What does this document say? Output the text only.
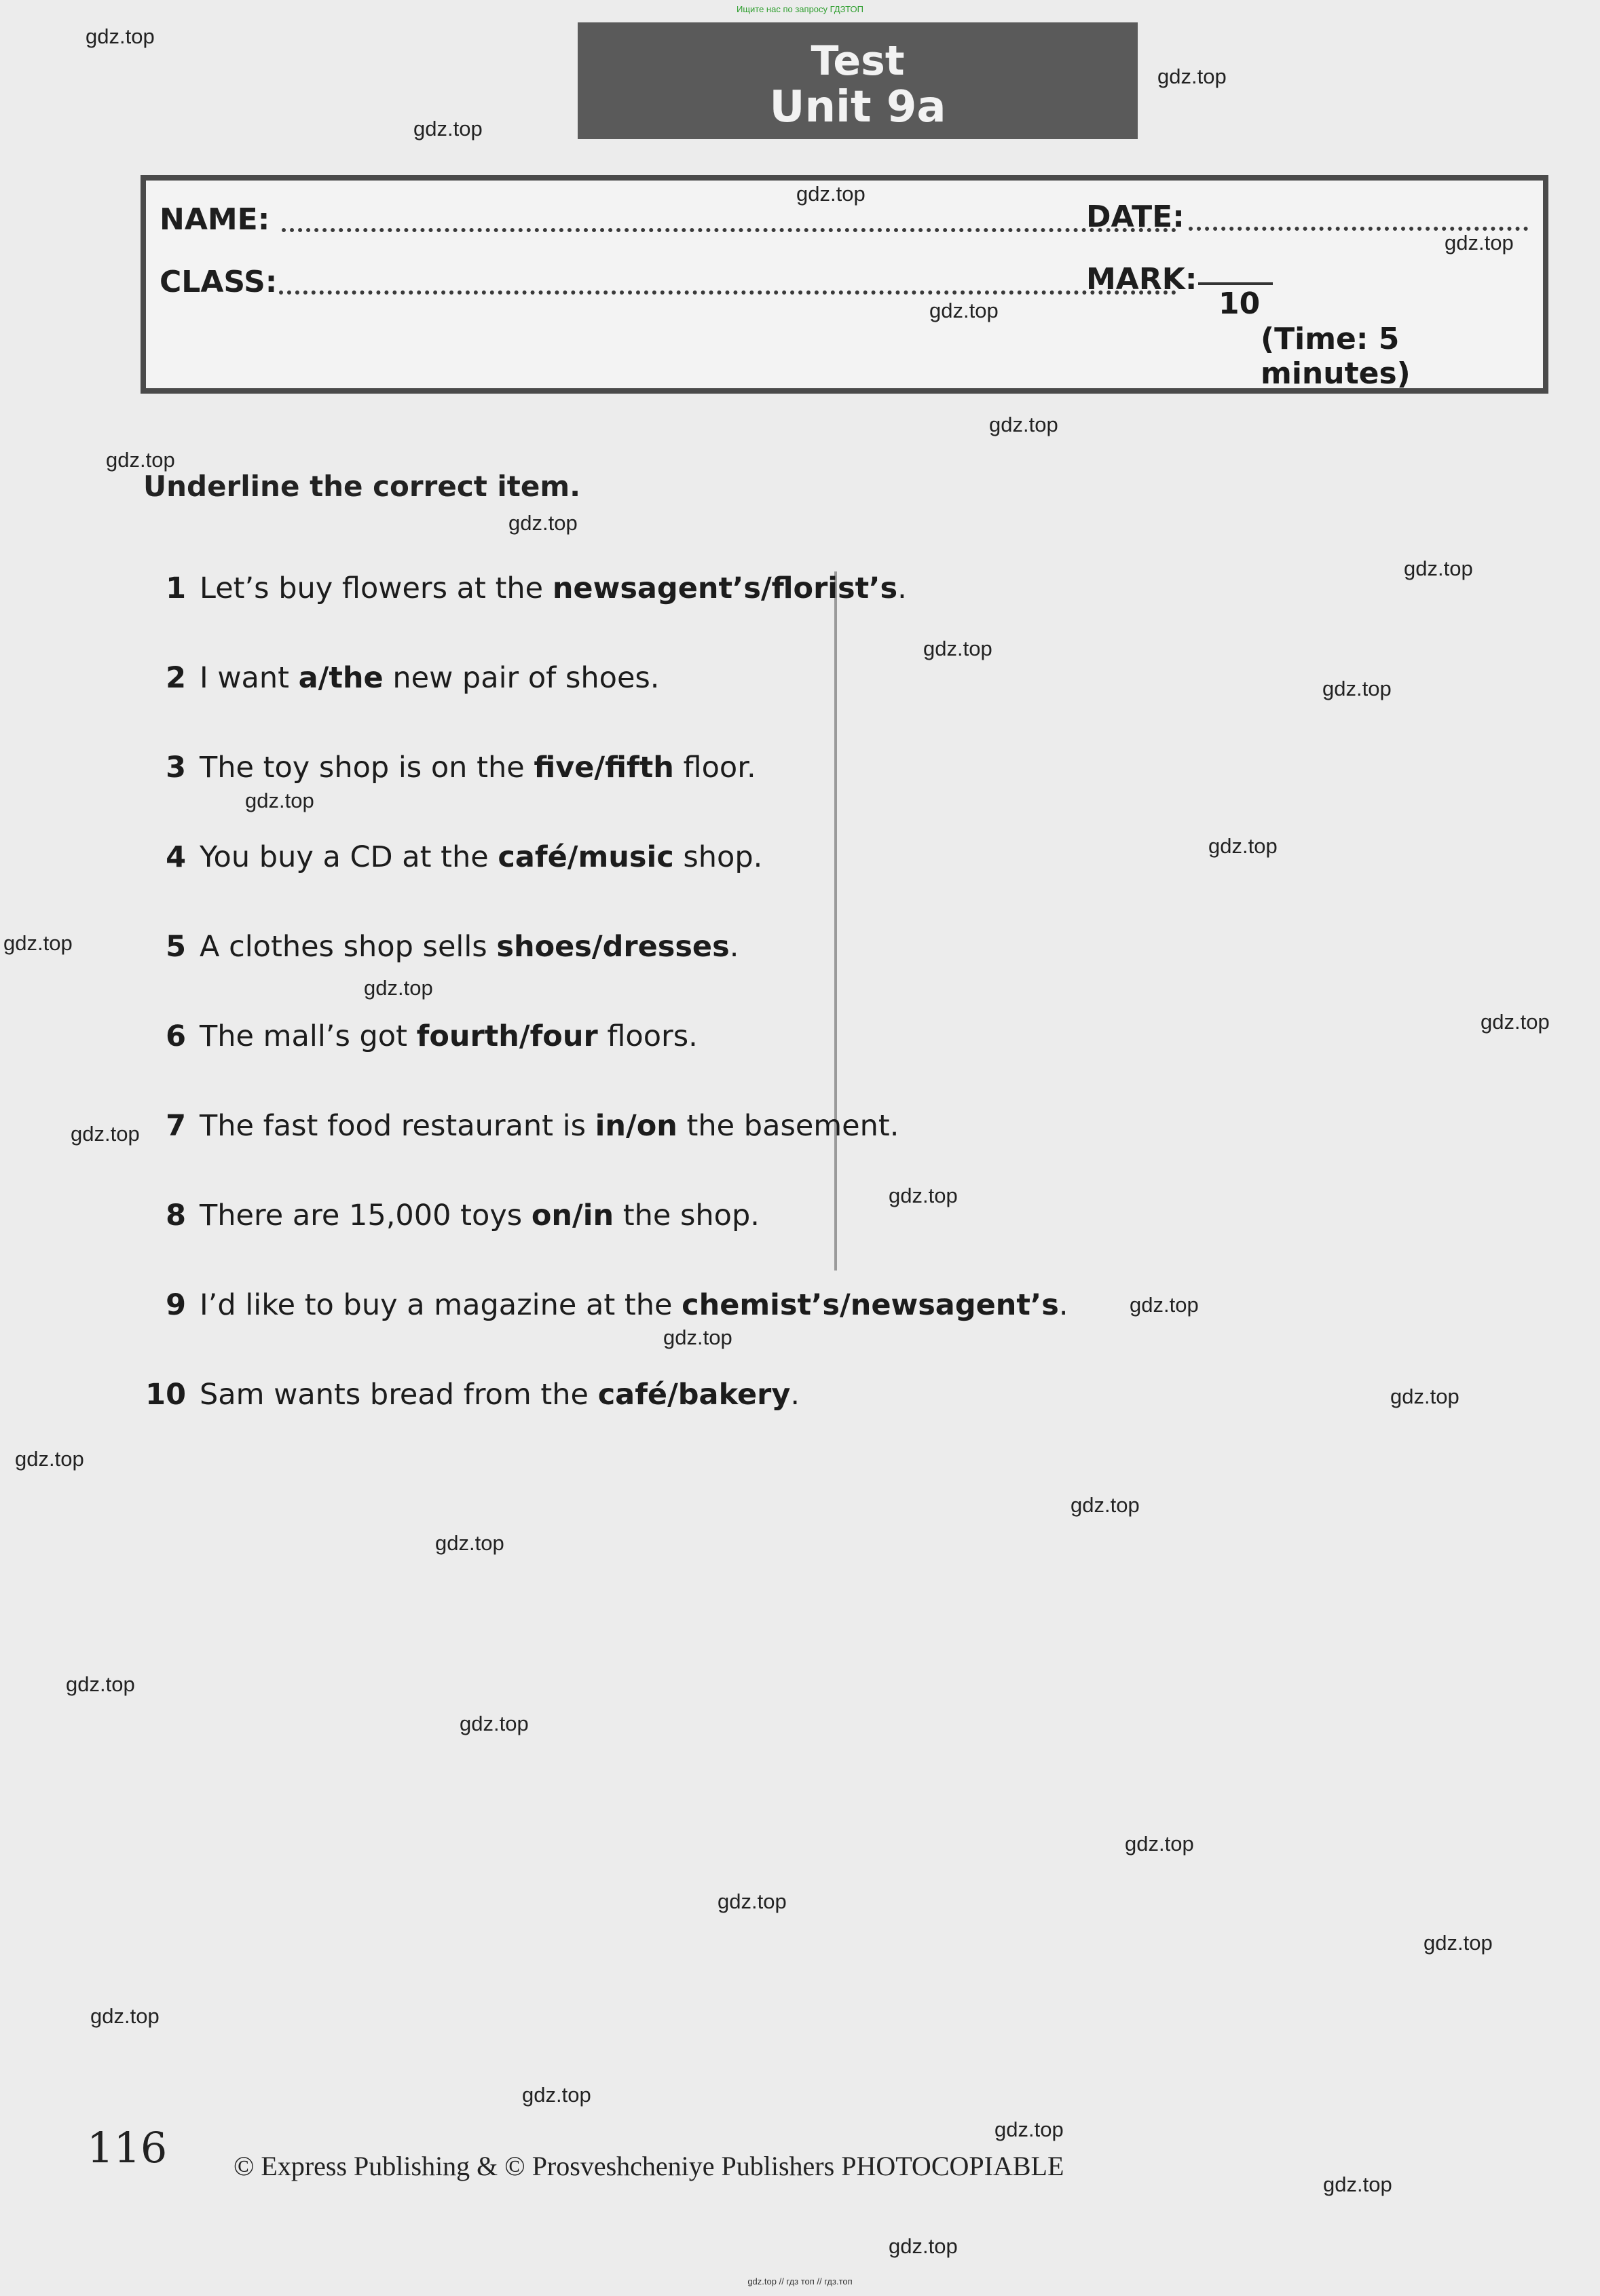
Ищите нас по запросу ГДЗТОП
Test
Unit 9a
NAME:	DATE:
CLASS:	MARK:
10
(Time: 5 minutes)
Underline the correct item.
1 Let’s buy flowers at the newsagent’s/florist’s.
2 I want a/the new pair of shoes.
3 The toy shop is on the five/fifth floor.
4 You buy a CD at the café/music shop.
5 A clothes shop sells shoes/dresses.
6 The mall’s got fourth/four floors.
7 The fast food restaurant is in/on the basement.
8 There are 15,000 toys on/in the shop.
9 I’d like to buy a magazine at the chemist’s/newsagent’s.
10 Sam wants bread from the café/bakery.
116 © Express Publishing & © Prosveshcheniye Publishers PHOTOCOPIABLE
gdz.top
gdz.top
gdz.top
gdz.top
gdz.top
gdz.top
gdz.top
gdz.top
gdz.top
gdz.top
gdz.top
gdz.top
gdz.top
gdz.top
gdz.top
gdz.top
gdz.top
gdz.top
gdz.top
gdz.top
gdz.top
gdz.top
gdz.top
gdz.top
gdz.top
gdz.top
gdz.top
gdz.top
gdz.top
gdz.top
gdz.top
gdz.top
gdz.top
gdz.top
gdz.top
gdz.top // гдз топ // гдз.топ
